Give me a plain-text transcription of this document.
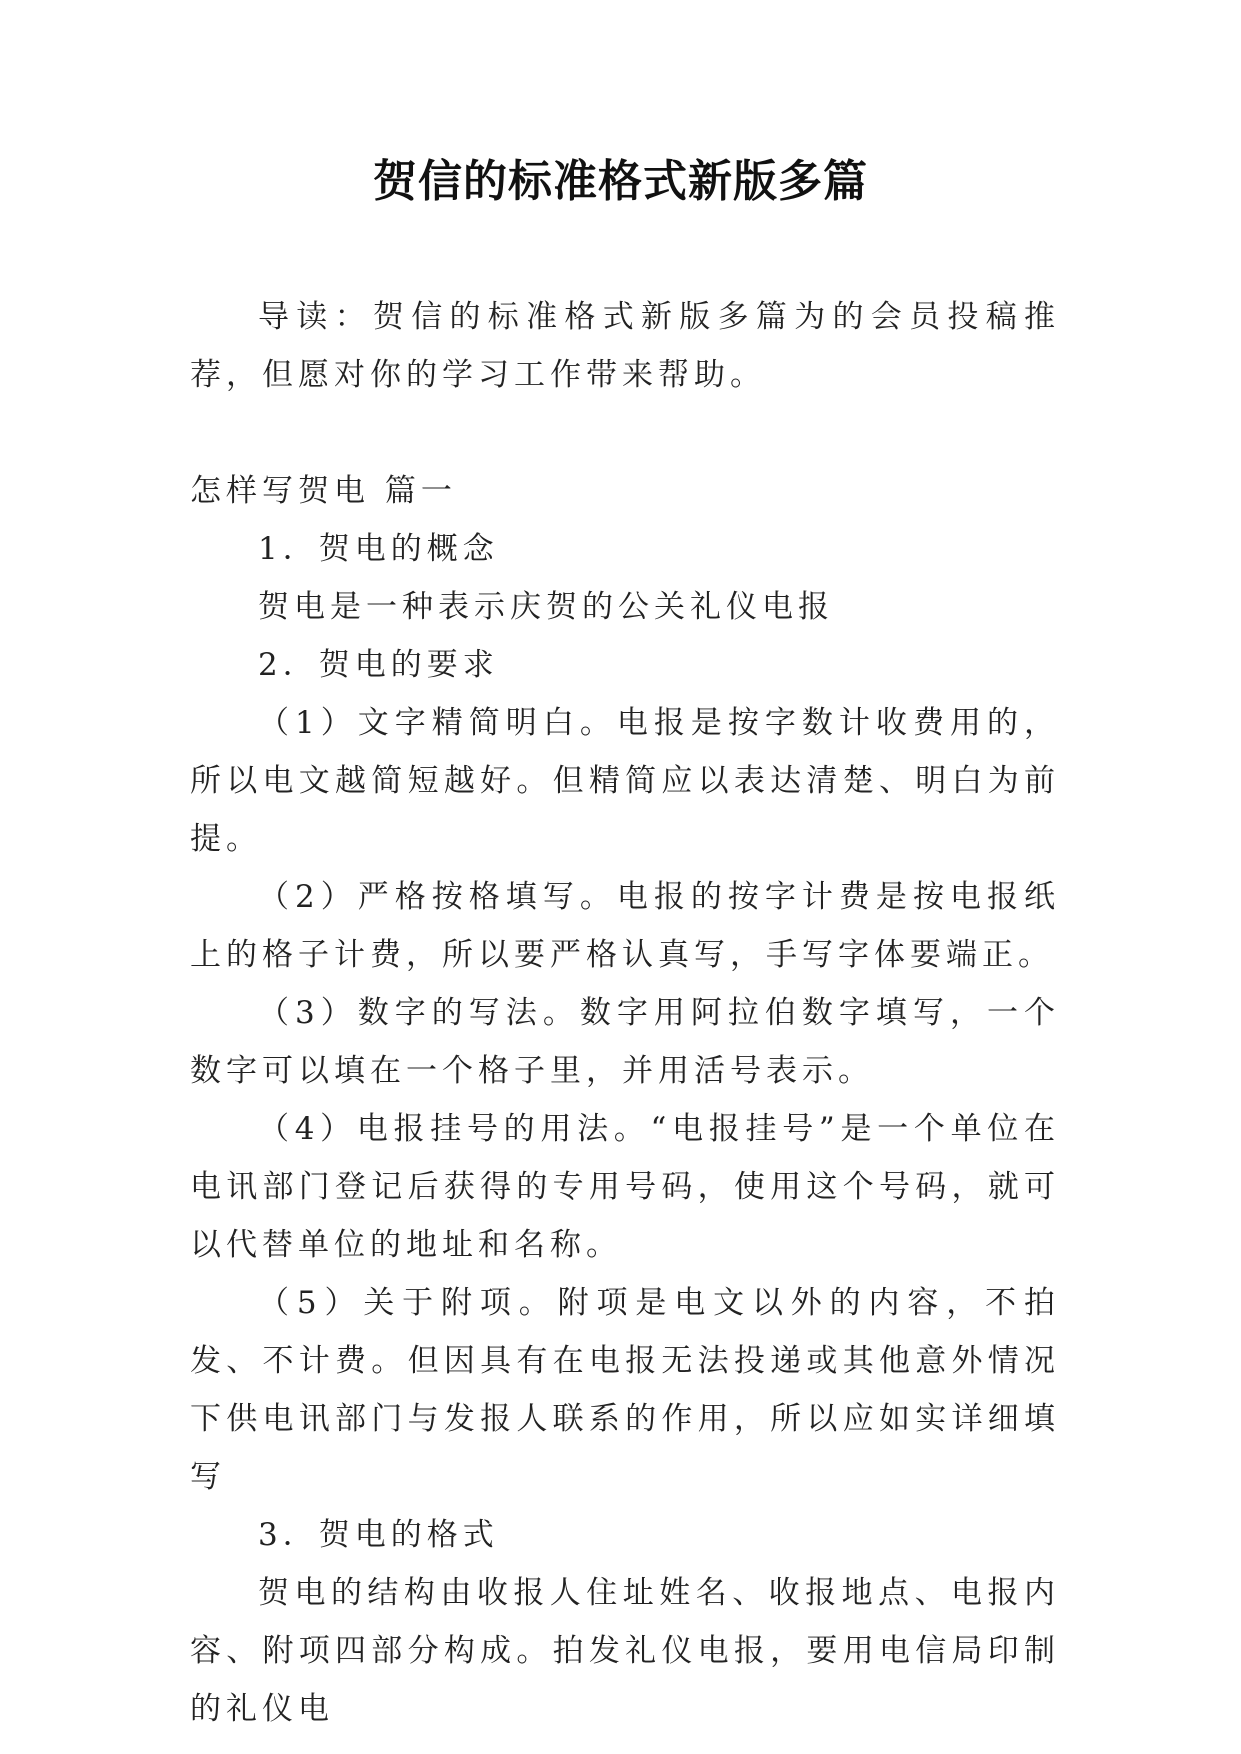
贺信的标准格式新版多篇

导读：贺信的标准格式新版多篇为的会员投稿推荐，但愿对你的学习工作带来帮助。

怎样写贺电 篇一

1．贺电的概念

贺电是一种表示庆贺的公关礼仪电报

2．贺电的要求

（1）文字精简明白。电报是按字数计收费用的，所以电文越简短越好。但精简应以表达清楚、明白为前提。

（2）严格按格填写。电报的按字计费是按电报纸上的格子计费，所以要严格认真写，手写字体要端正。

（3）数字的写法。数字用阿拉伯数字填写，一个数字可以填在一个格子里，并用活号表示。

（4）电报挂号的用法。“电报挂号”是一个单位在电讯部门登记后获得的专用号码，使用这个号码，就可以代替单位的地址和名称。

（5）关于附项。附项是电文以外的内容，不拍发、不计费。但因具有在电报无法投递或其他意外情况下供电讯部门与发报人联系的作用，所以应如实详细填写

3．贺电的格式

贺电的结构由收报人住址姓名、收报地点、电报内容、附项四部分构成。拍发礼仪电报，要用电信局印制的礼仪电
